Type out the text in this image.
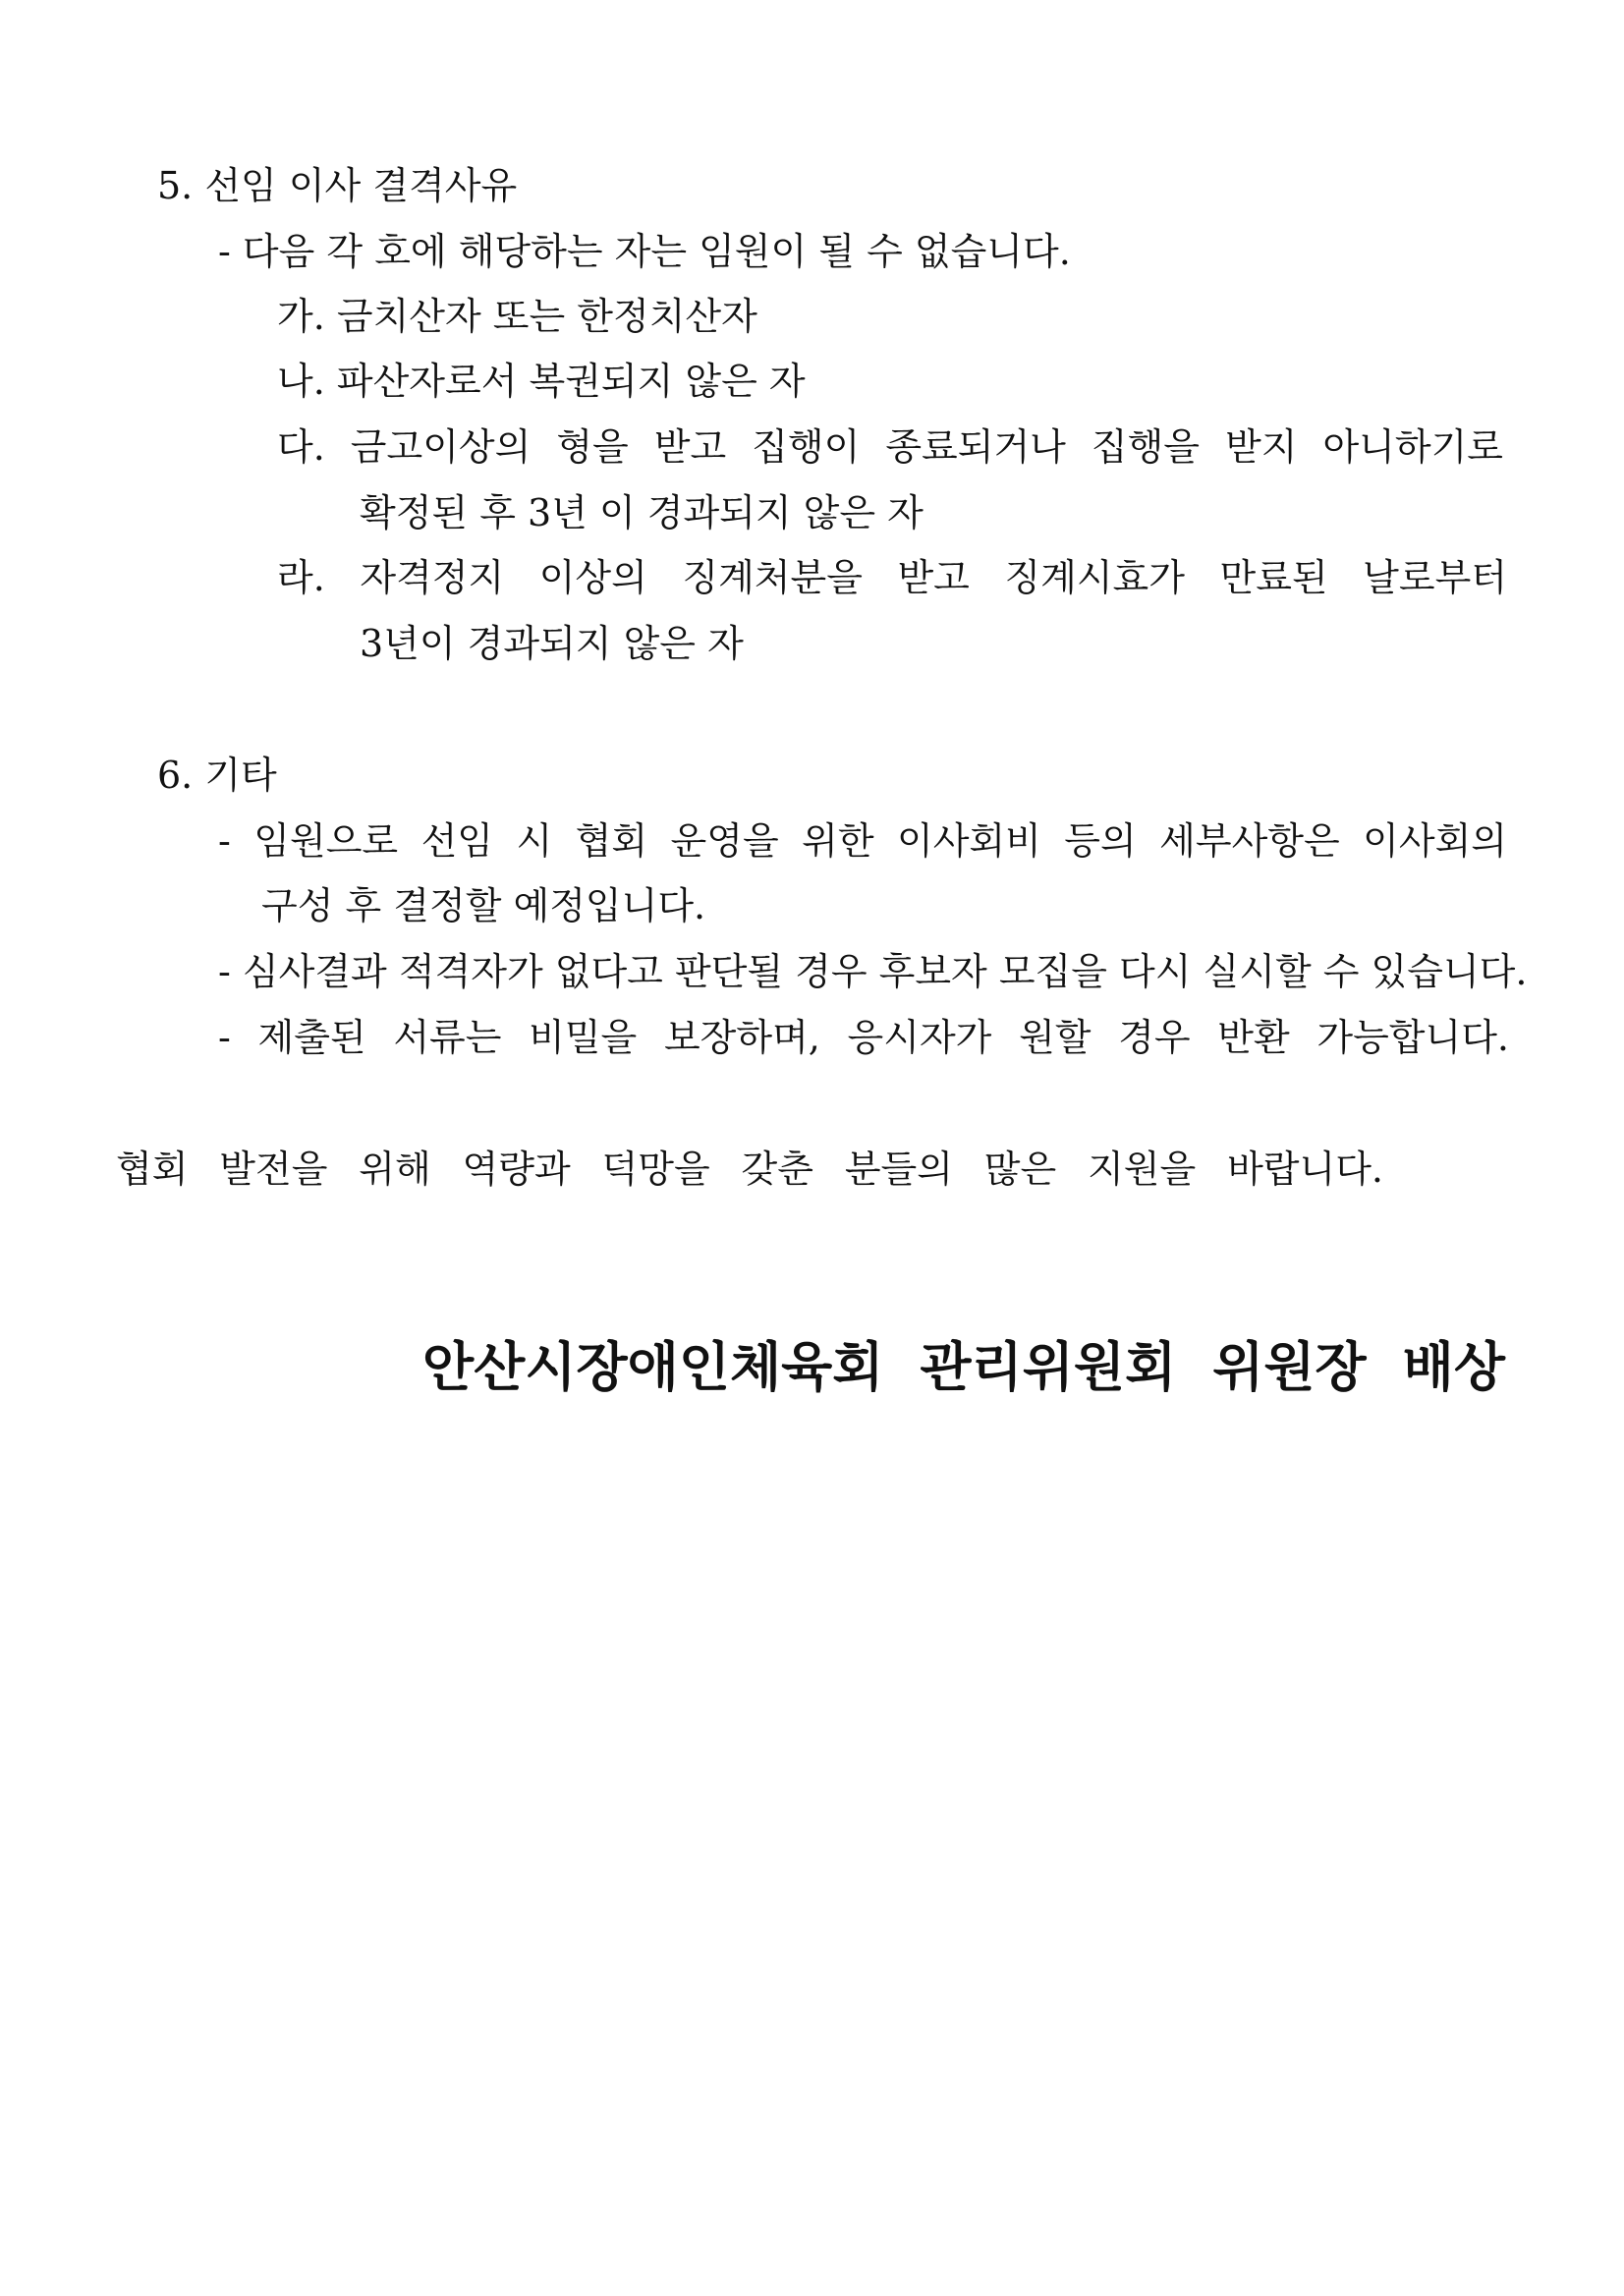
5. 선임 이사 결격사유
- 다음 각 호에 해당하는 자는 임원이 될 수 없습니다.
가. 금치산자 또는 한정치산자
나. 파산자로서 복권되지 않은 자
다. 금고이상의 형을 받고 집행이 종료되거나 집행을 받지 아니하기로
확정된 후 3년 이 경과되지 않은 자
라. 자격정지 이상의 징계처분을 받고 징계시효가 만료된 날로부터
3년이 경과되지 않은 자
6. 기타
- 임원으로 선임 시 협회 운영을 위한 이사회비 등의 세부사항은 이사회의
구성 후 결정할 예정입니다.
- 심사결과 적격자가 없다고 판단될 경우 후보자 모집을 다시 실시할 수 있습니다.
- 제출된 서류는 비밀을 보장하며, 응시자가 원할 경우 반환 가능합니다.
협회 발전을 위해 역량과 덕망을 갖춘 분들의 많은 지원을 바랍니다.
안산시장애인체육회 관리위원회 위원장 배상
